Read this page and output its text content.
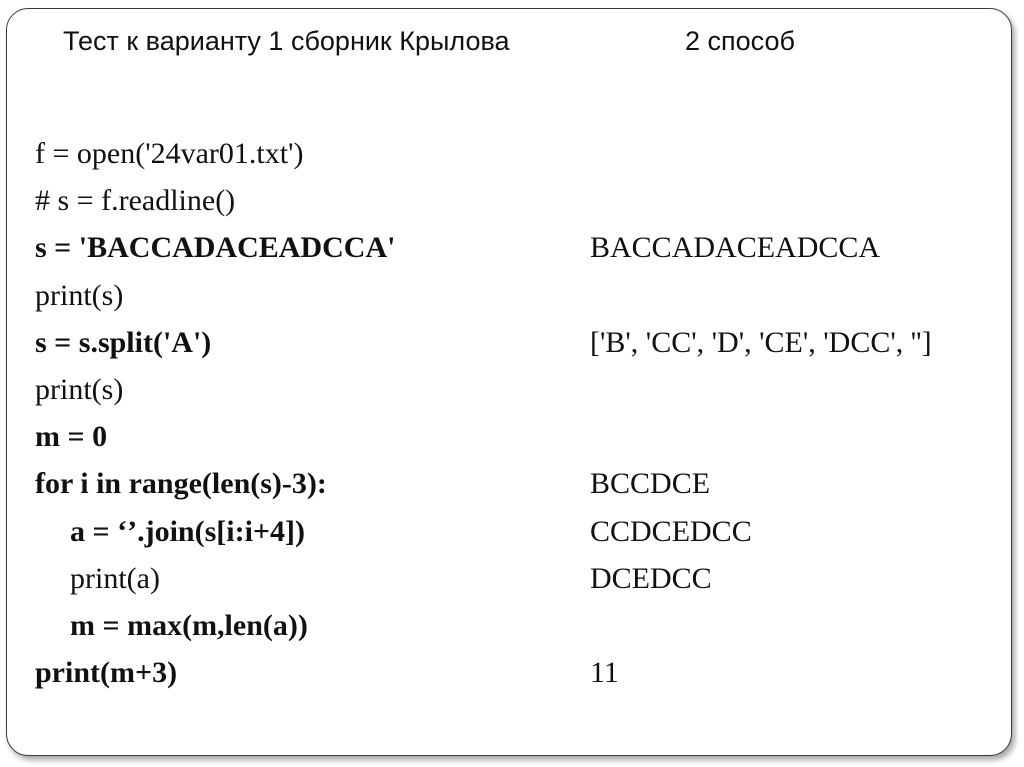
Тест к варианту 1 сборник Крылова	2 способ
f = open('24var01.txt')
# s = f.readline()
s = 'BACCADACEADCCA'
print(s)
s = s.split('A')
print(s)
m = 0
for i in range(len(s)-3):
a = ‘’.join(s[i:i+4])
print(a)
m = max(m,len(a))
print(m+3)
BACCADACEADCCA
['B', 'CC', 'D', 'CE', 'DCC', '']
BCCDCE
CCDCEDCC
DCEDCC
11
